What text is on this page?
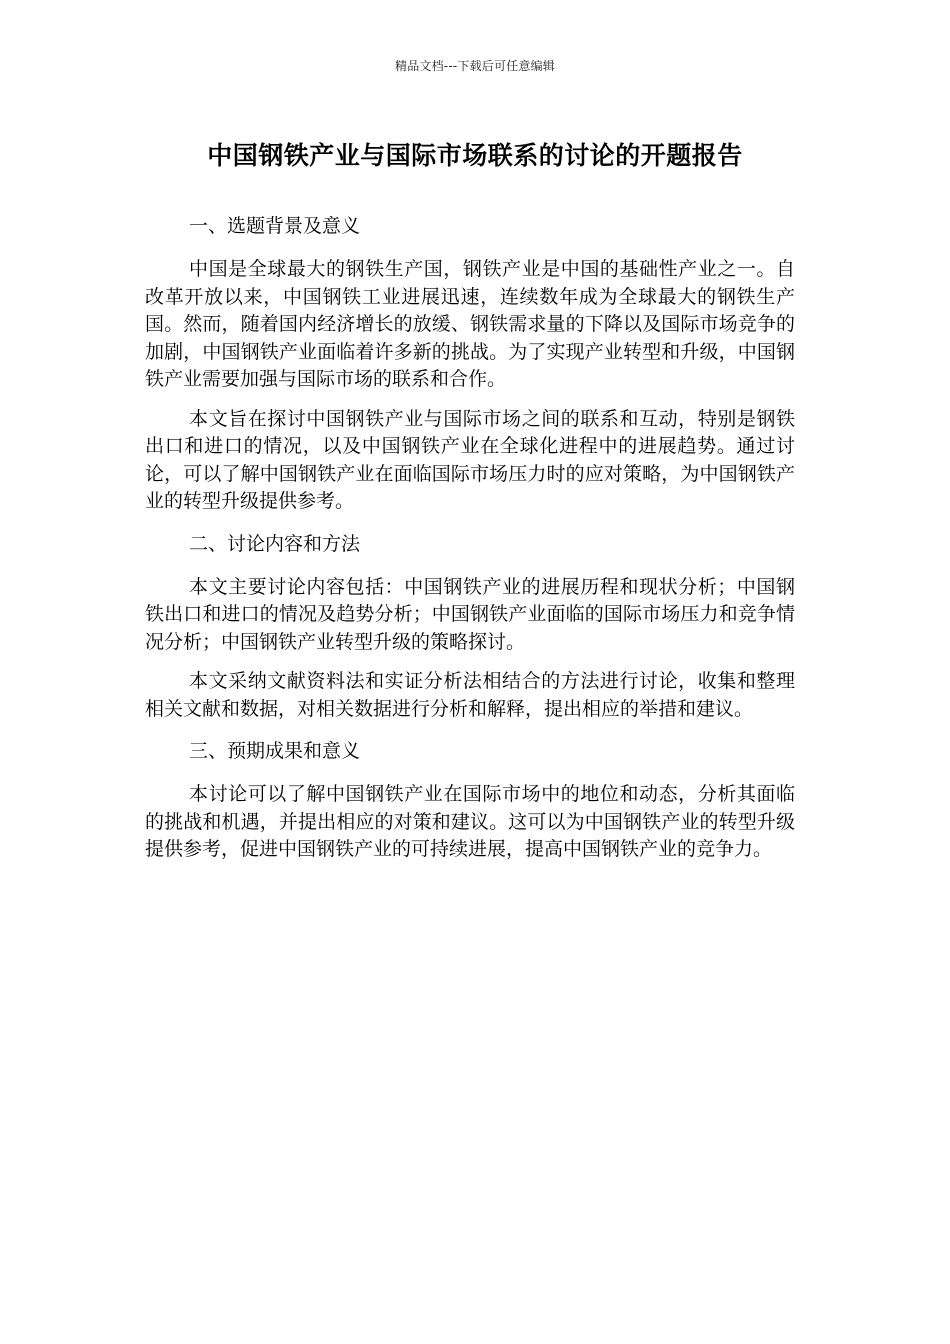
精品文档---下载后可任意编辑
中国钢铁产业与国际市场联系的讨论的开题报告
一、选题背景及意义

中国是全球最大的钢铁生产国，钢铁产业是中国的基础性产业之一。自改革开放以来，中国钢铁工业进展迅速，连续数年成为全球最大的钢铁生产国。然而，随着国内经济增长的放缓、钢铁需求量的下降以及国际市场竞争的加剧，中国钢铁产业面临着许多新的挑战。为了实现产业转型和升级，中国钢铁产业需要加强与国际市场的联系和合作。

本文旨在探讨中国钢铁产业与国际市场之间的联系和互动，特别是钢铁出口和进口的情况，以及中国钢铁产业在全球化进程中的进展趋势。通过讨论，可以了解中国钢铁产业在面临国际市场压力时的应对策略，为中国钢铁产业的转型升级提供参考。

二、讨论内容和方法

本文主要讨论内容包括：中国钢铁产业的进展历程和现状分析；中国钢铁出口和进口的情况及趋势分析；中国钢铁产业面临的国际市场压力和竞争情况分析；中国钢铁产业转型升级的策略探讨。

本文采纳文献资料法和实证分析法相结合的方法进行讨论，收集和整理相关文献和数据，对相关数据进行分析和解释，提出相应的举措和建议。

三、预期成果和意义

本讨论可以了解中国钢铁产业在国际市场中的地位和动态，分析其面临的挑战和机遇，并提出相应的对策和建议。这可以为中国钢铁产业的转型升级提供参考，促进中国钢铁产业的可持续进展，提高中国钢铁产业的竞争力。
